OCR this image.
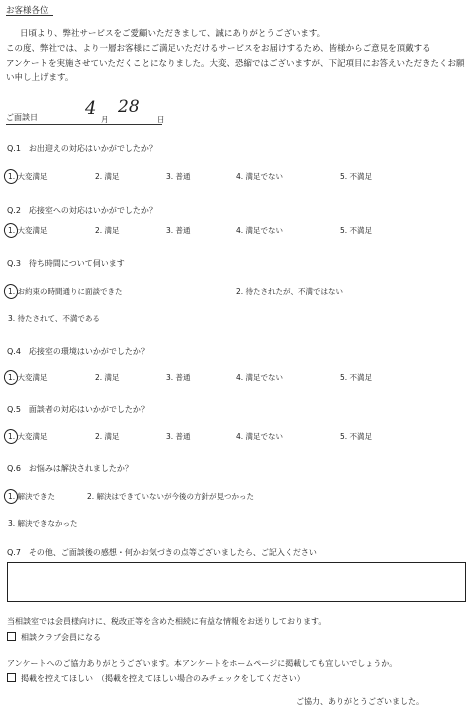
お客様各位
日頃より、弊社サービスをご愛顧いただきまして、誠にありがとうございます。
この度、弊社では、より一層お客様にご満足いただけるサービスをお届けするため、皆様からご意見を頂戴する
アンケートを実施させていただくことになりました。大変、恐縮ではございますが、下記項目にお答えいただきたくお願
い申し上げます。
ご面談日	4
月
28
日
Q.1　お出迎えの対応はいかがでしたか？
1. 大変満足	2. 満足	3. 普通	4. 満足でない	5. 不満足
Q.2　応接室への対応はいかがでしたか？
1. 大変満足	2. 満足	3. 普通	4. 満足でない	5. 不満足
Q.3　待ち時間について伺います
1. お約束の時間通りに面談できた	2. 待たされたが、不満ではない
3. 待たされて、不満である
Q.4　応接室の環境はいかがでしたか？
1. 大変満足	2. 満足	3. 普通	4. 満足でない	5. 不満足
Q.5　面談者の対応はいかがでしたか？
1. 大変満足	2. 満足	3. 普通	4. 満足でない	5. 不満足
Q.6　お悩みは解決されましたか？
1. 解決できた	2. 解決はできていないが今後の方針が見つかった
3. 解決できなかった
Q.7　その他、ご面談後の感想・何かお気づきの点等ございましたら、ご記入ください
当相談室では会員様向けに、税改正等を含めた相続に有益な情報をお送りしております。
相談クラブ会員になる
アンケートへのご協力ありがとうございます。本アンケートをホームページに掲載しても宜しいでしょうか。
掲載を控えてほしい　（掲載を控えてほしい場合のみチェックをしてください）
ご協力、ありがとうございました。
